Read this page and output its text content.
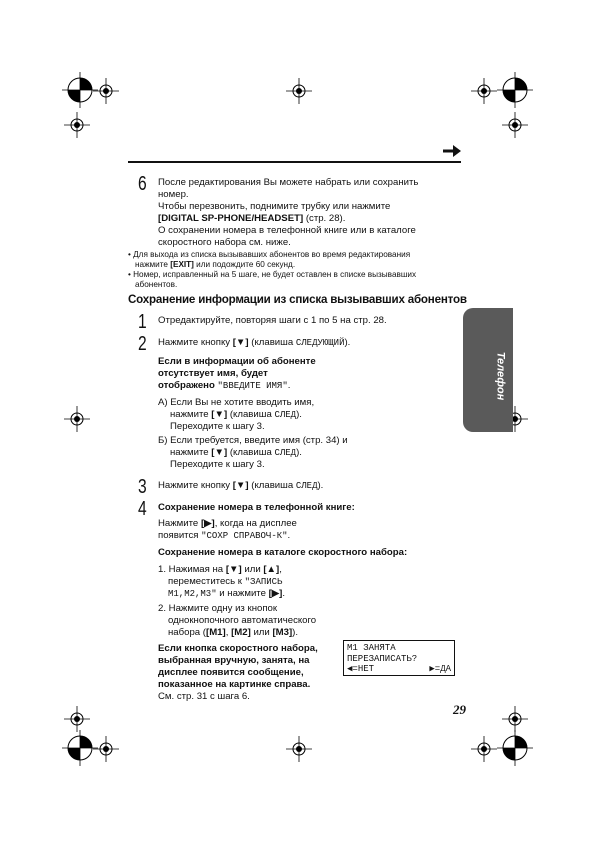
6 После редактирования Вы можете набрать или сохранить
номер.
Чтобы перезвонить, поднимите трубку или нажмите
[DIGITAL SP-PHONE/HEADSET] (стр. 28).
О сохранении номера в телефонной книге или в каталоге
скоростного набора см. ниже.
• Для выхода из списка вызывавших абонентов во время редактирования
нажмите [EXIT] или подождите 60 секунд.
• Номер, исправленный на 5 шаге, не будет оставлен в списке вызывавших
абонентов.
Сохранение информации из списка вызывавших абонентов
Телефон
1 Отредактируйте, повторяя шаги с 1 по 5 на стр. 28.
2 Нажмите кнопку [▼] (клавиша СЛЕДУЮЩИЙ).
Если в информации об абоненте
отсутствует имя, будет
отображено "ВВЕДИТЕ ИМЯ".
А) Если Вы не хотите вводить имя,
нажмите [▼] (клавиша СЛЕД).
Переходите к шагу 3.
Б) Если требуется, введите имя (стр. 34) и
нажмите [▼] (клавиша СЛЕД).
Переходите к шагу 3.
3 Нажмите кнопку [▼] (клавиша СЛЕД).
4 Сохранение номера в телефонной книге:
Нажмите [▶], когда на дисплее
появится "СОХР СПРАВОЧ-К".
Сохранение номера в каталоге скоростного набора:
1. Нажимая на [▼] или [▲],
переместитесь к "ЗАПИСЬ
М1,М2,М3" и нажмите [▶].
2. Нажмите одну из кнопок
однокнопочного автоматического
набора ([M1], [M2] или [M3]).
Если кнопка скоростного набора,
выбранная вручную, занята, на
дисплее появится сообщение,
показанное на картинке справа.
См. стр. 31 с шага 6.
М1 ЗАНЯТА
ПЕРЕЗАПИСАТЬ?
◀=НЕТ	▶=ДА
29
